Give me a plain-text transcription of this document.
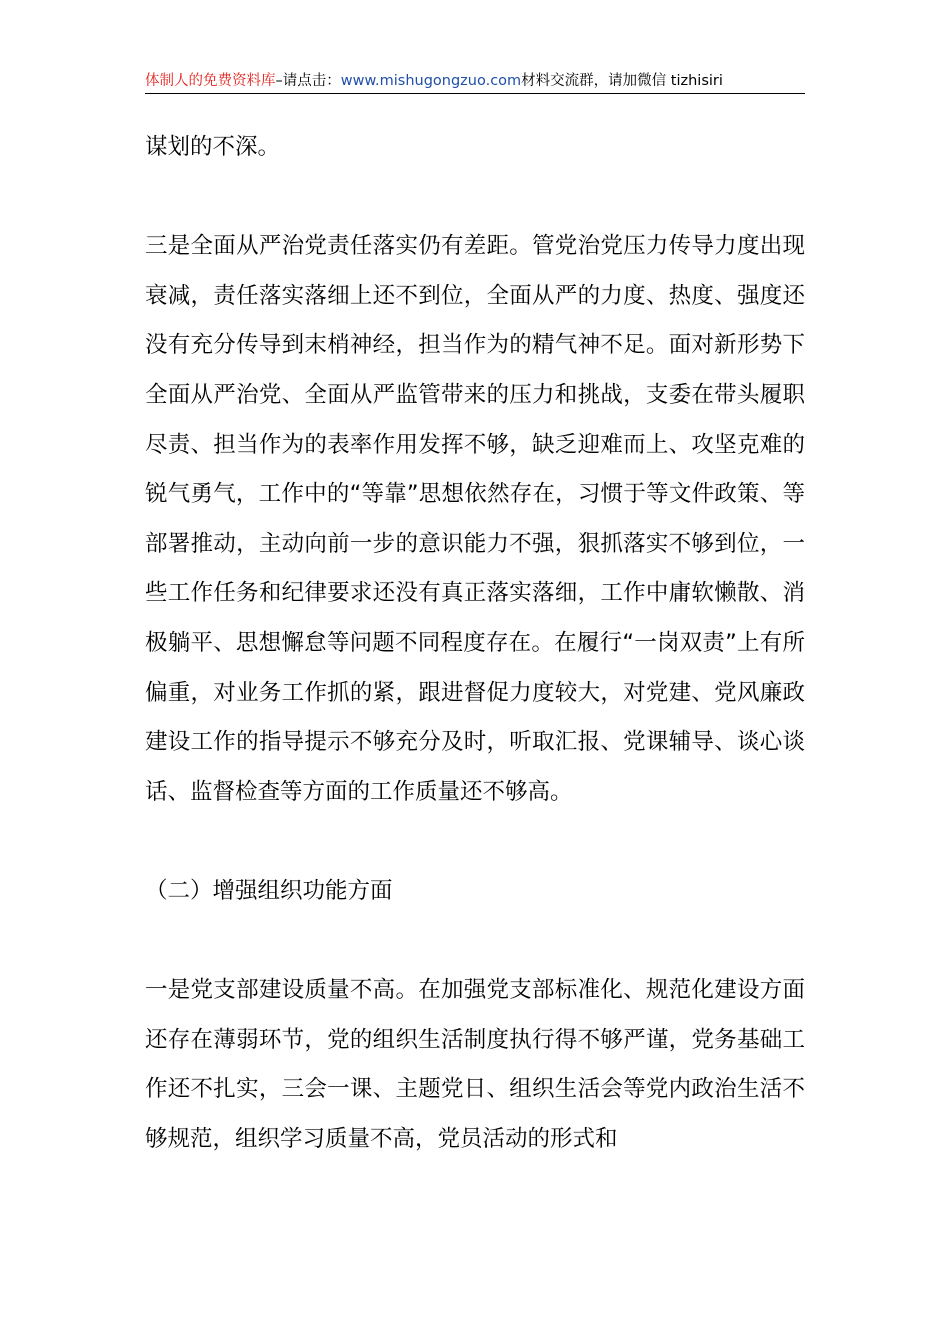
体制人的免费资料库–请点击：www.mishugongzuo.com材料交流群，请加微信 tizhisiri

谋划的不深。

三是全面从严治党责任落实仍有差距。管党治党压力传导力度出现衰减，责任落实落细上还不到位，全面从严的力度、热度、强度还没有充分传导到末梢神经，担当作为的精气神不足。面对新形势下全面从严治党、全面从严监管带来的压力和挑战，支委在带头履职尽责、担当作为的表率作用发挥不够，缺乏迎难而上、攻坚克难的锐气勇气，工作中的“等靠”思想依然存在，习惯于等文件政策、等部署推动，主动向前一步的意识能力不强，狠抓落实不够到位，一些工作任务和纪律要求还没有真正落实落细，工作中庸软懒散、消极躺平、思想懈怠等问题不同程度存在。在履行“一岗双责”上有所偏重，对业务工作抓的紧，跟进督促力度较大，对党建、党风廉政建设工作的指导提示不够充分及时，听取汇报、党课辅导、谈心谈话、监督检查等方面的工作质量还不够高。

（二）增强组织功能方面

一是党支部建设质量不高。在加强党支部标准化、规范化建设方面还存在薄弱环节，党的组织生活制度执行得不够严谨，党务基础工作还不扎实，三会一课、主题党日、组织生活会等党内政治生活不够规范，组织学习质量不高，党员活动的形式和
